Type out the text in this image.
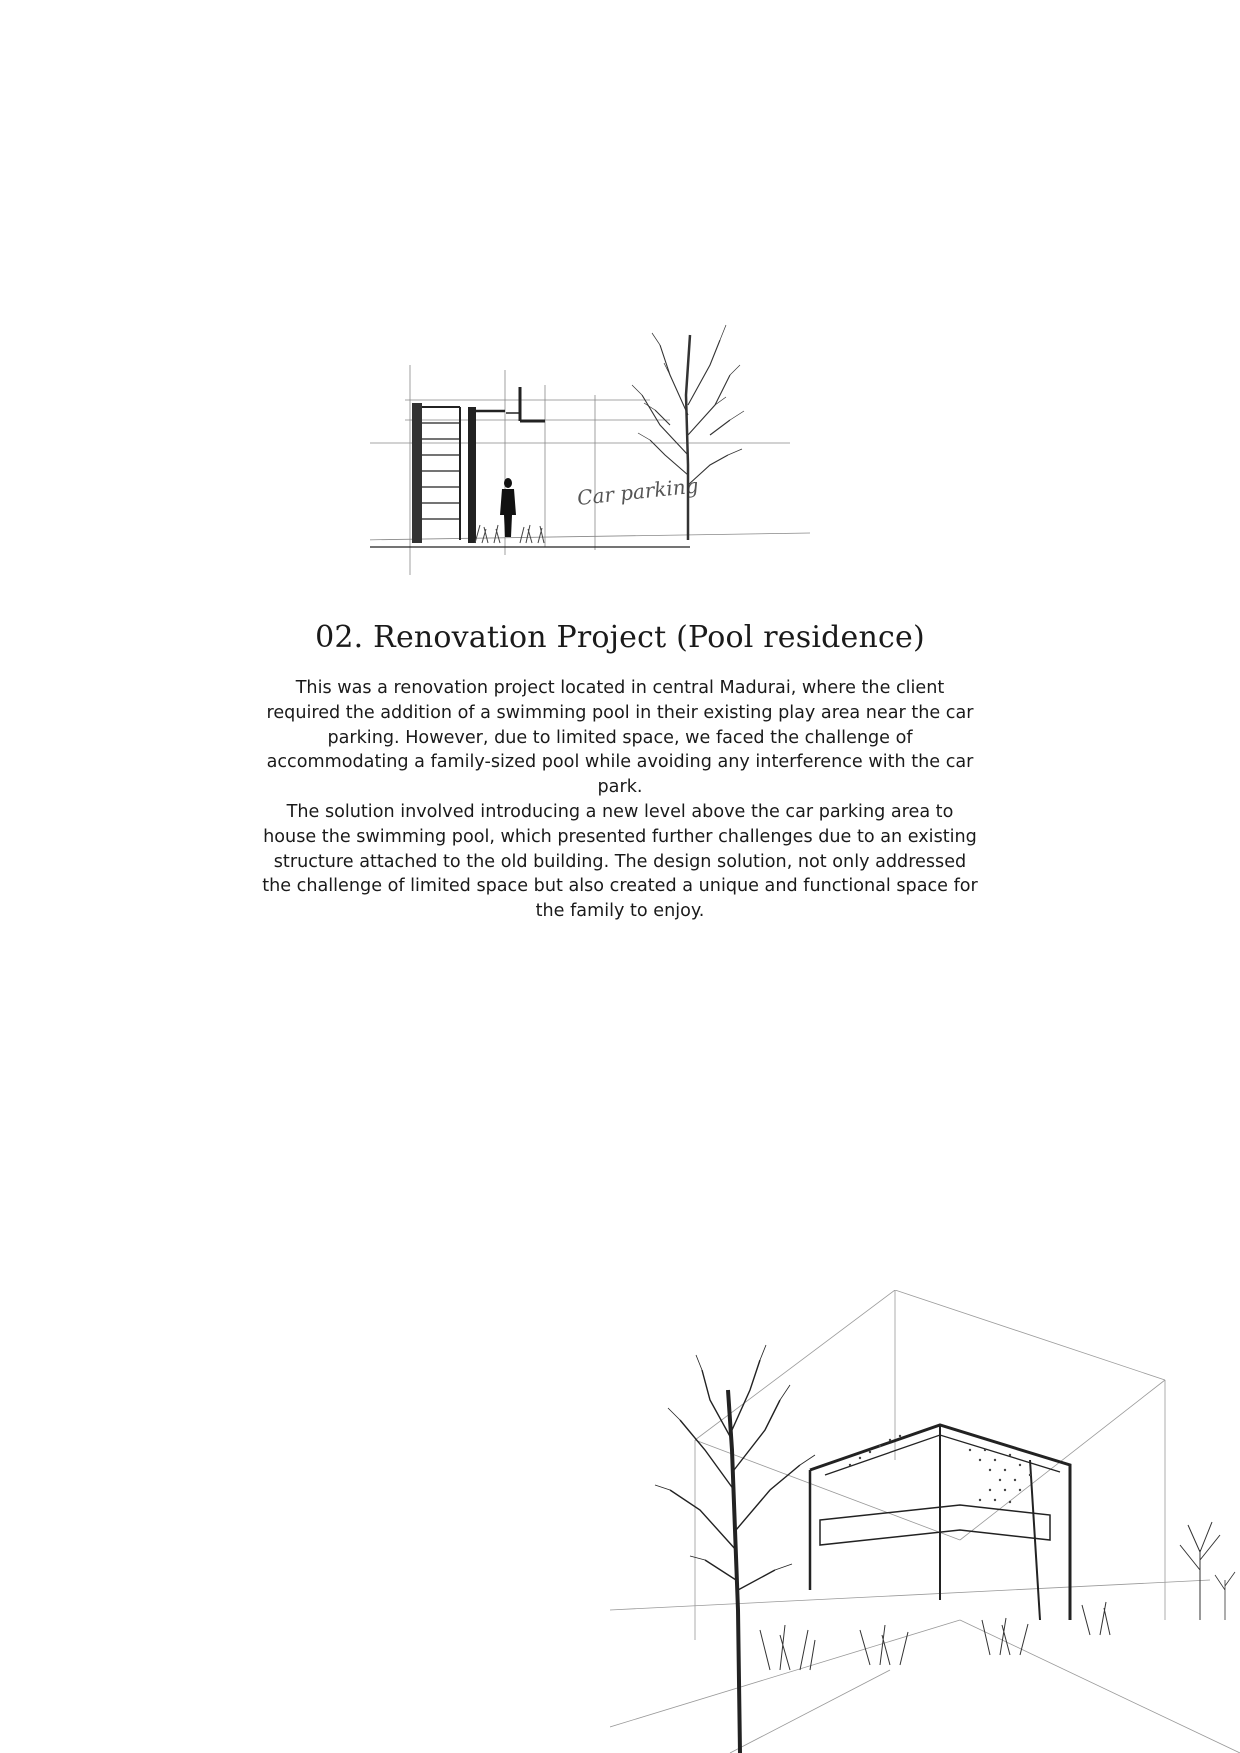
Car parking
02. Renovation Project (Pool residence)

This was a renovation project located in central Madurai, where the client required the addition of a swimming pool in their existing play area near the car parking. However, due to limited space, we faced the challenge of accommodating a family-sized pool while avoiding any interference with the car park.

The solution involved introducing a new level above the car parking area to house the swimming pool, which presented further challenges due to an existing structure attached to the old building. The design solution, not only addressed the challenge of limited space but also created a unique and functional space for the family to enjoy.
